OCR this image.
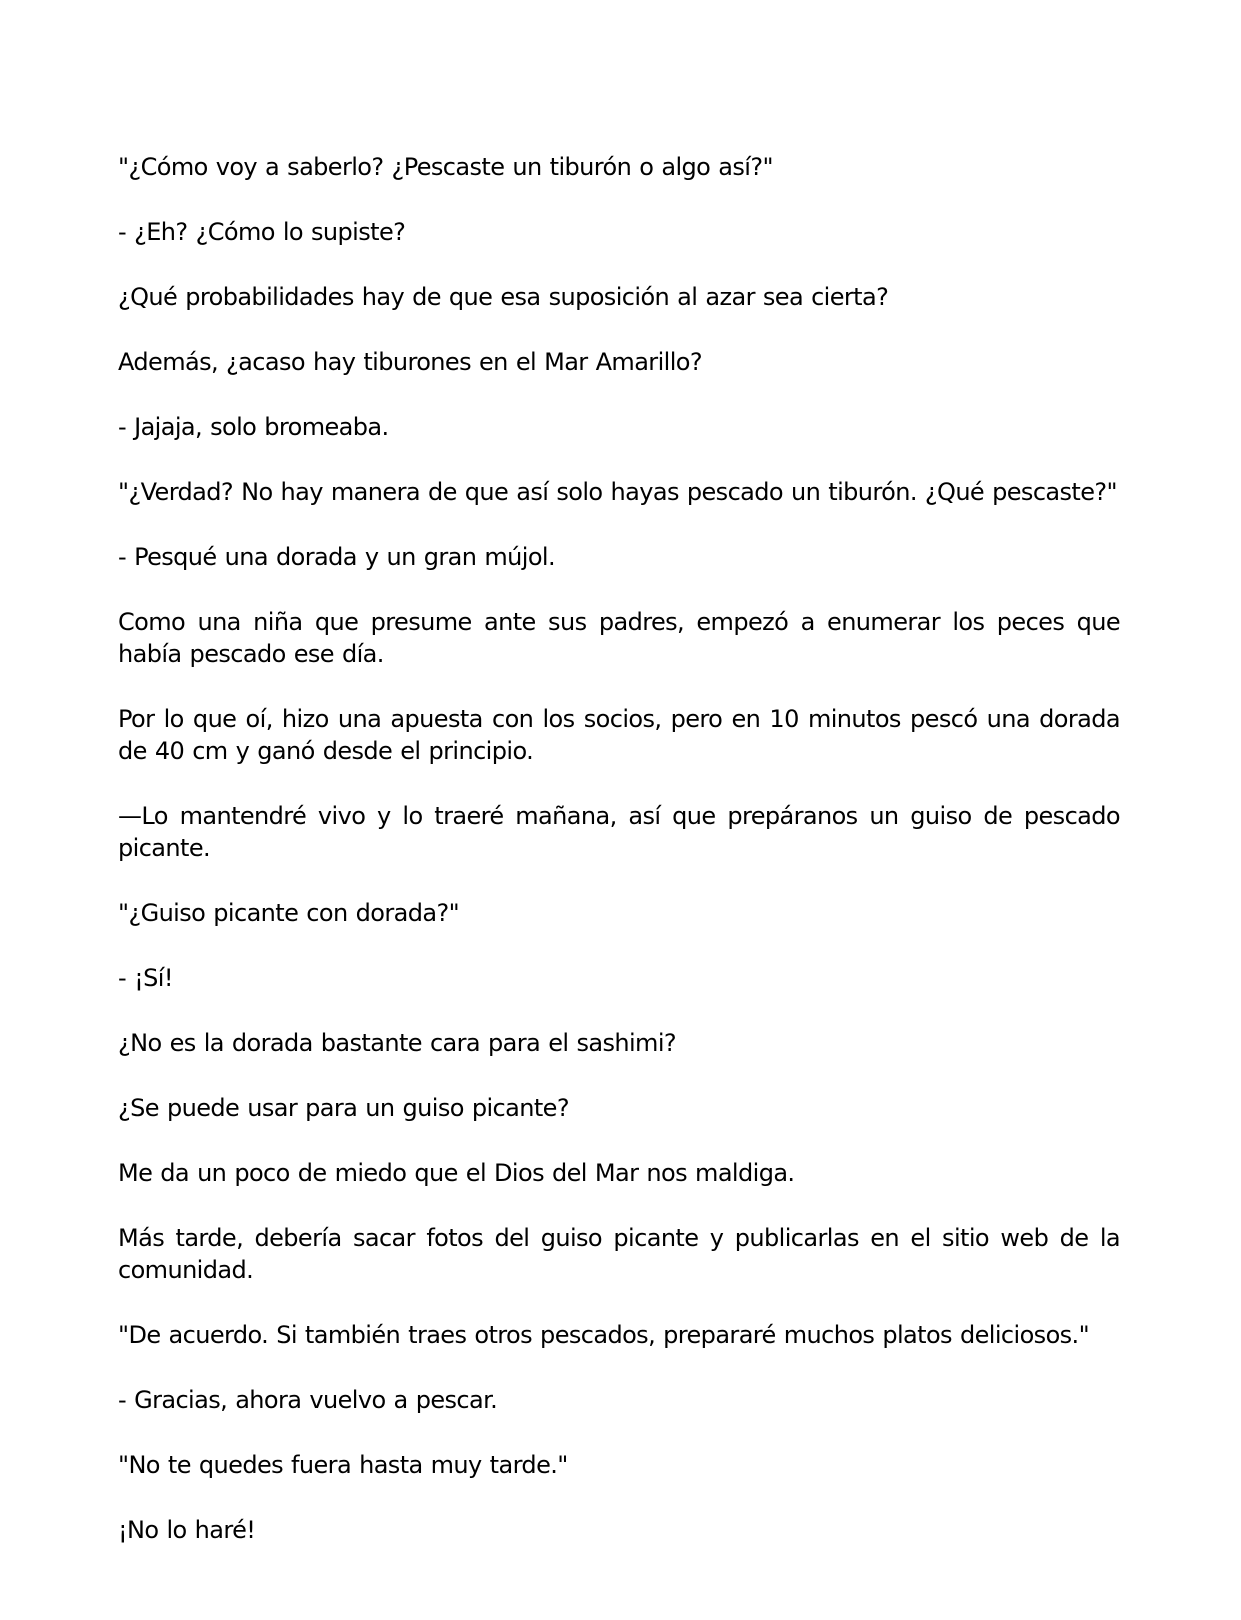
"¿Cómo voy a saberlo? ¿Pescaste un tiburón o algo así?"

- ¿Eh? ¿Cómo lo supiste?

¿Qué probabilidades hay de que esa suposición al azar sea cierta?

Además, ¿acaso hay tiburones en el Mar Amarillo?

- Jajaja, solo bromeaba.

"¿Verdad? No hay manera de que así solo hayas pescado un tiburón. ¿Qué pescaste?"

- Pesqué una dorada y un gran mújol.

Como una niña que presume ante sus padres, empezó a enumerar los peces que había pescado ese día.

Por lo que oí, hizo una apuesta con los socios, pero en 10 minutos pescó una dorada de 40 cm y ganó desde el principio.

—Lo mantendré vivo y lo traeré mañana, así que prepáranos un guiso de pescado picante.

"¿Guiso picante con dorada?"

- ¡Sí!

¿No es la dorada bastante cara para el sashimi?

¿Se puede usar para un guiso picante?

Me da un poco de miedo que el Dios del Mar nos maldiga.

Más tarde, debería sacar fotos del guiso picante y publicarlas en el sitio web de la comunidad.

"De acuerdo. Si también traes otros pescados, prepararé muchos platos deliciosos."

- Gracias, ahora vuelvo a pescar.

"No te quedes fuera hasta muy tarde."

¡No lo haré!
